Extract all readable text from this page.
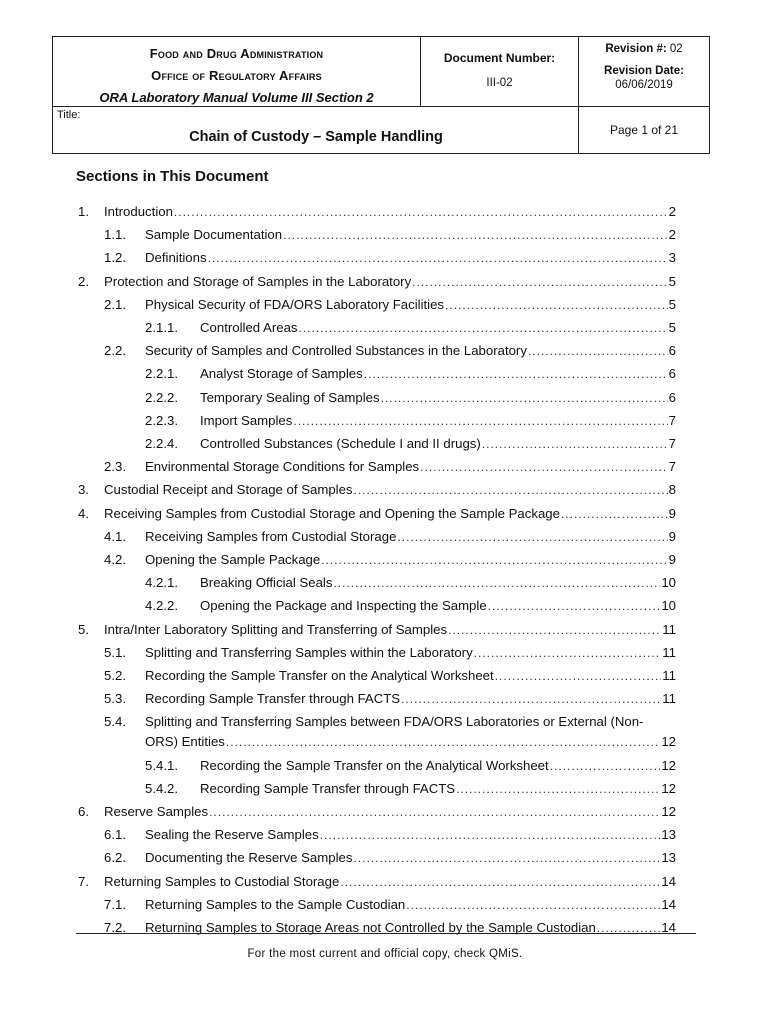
Food and Drug Administration
Office of Regulatory Affairs
ORA Laboratory Manual Volume III Section 2
Document Number:
III-02
Revision #: 02
Revision Date:
06/06/2019
Title:
Chain of Custody – Sample Handling	Page 1 of 21
Sections in This Document
1. Introduction .....	2
1.1. Sample Documentation .....	2
1.2. Definitions .....	3
2. Protection and Storage of Samples in the Laboratory .....	5
2.1. Physical Security of FDA/ORS Laboratory Facilities .....	5
2.1.1. Controlled Areas .....	5
2.2. Security of Samples and Controlled Substances in the Laboratory .....	6
2.2.1. Analyst Storage of Samples .....	6
2.2.2. Temporary Sealing of Samples .....	6
2.2.3. Import Samples .....	7
2.2.4. Controlled Substances (Schedule I and II drugs) .....	7
2.3. Environmental Storage Conditions for Samples .....	7
3. Custodial Receipt and Storage of Samples .....	8
4. Receiving Samples from Custodial Storage and Opening the Sample Package .....	9
4.1. Receiving Samples from Custodial Storage .....	9
4.2. Opening the Sample Package .....	9
4.2.1. Breaking Official Seals .....	10
4.2.2. Opening the Package and Inspecting the Sample .....	10
5. Intra/Inter Laboratory Splitting and Transferring of Samples .....	11
5.1. Splitting and Transferring Samples within the Laboratory .....	11
5.2. Recording the Sample Transfer on the Analytical Worksheet .....	11
5.3. Recording Sample Transfer through FACTS .....	11
5.4. Splitting and Transferring Samples between FDA/ORS Laboratories or External (Non-
ORS) Entities .....	12
5.4.1. Recording the Sample Transfer on the Analytical Worksheet .....	12
5.4.2. Recording Sample Transfer through FACTS .....	12
6. Reserve Samples .....	12
6.1. Sealing the Reserve Samples .....	13
6.2. Documenting the Reserve Samples .....	13
7. Returning Samples to Custodial Storage .....	14
7.1. Returning Samples to the Sample Custodian .....	14
7.2. Returning Samples to Storage Areas not Controlled by the Sample Custodian .....	14
For the most current and official copy, check QMiS.
